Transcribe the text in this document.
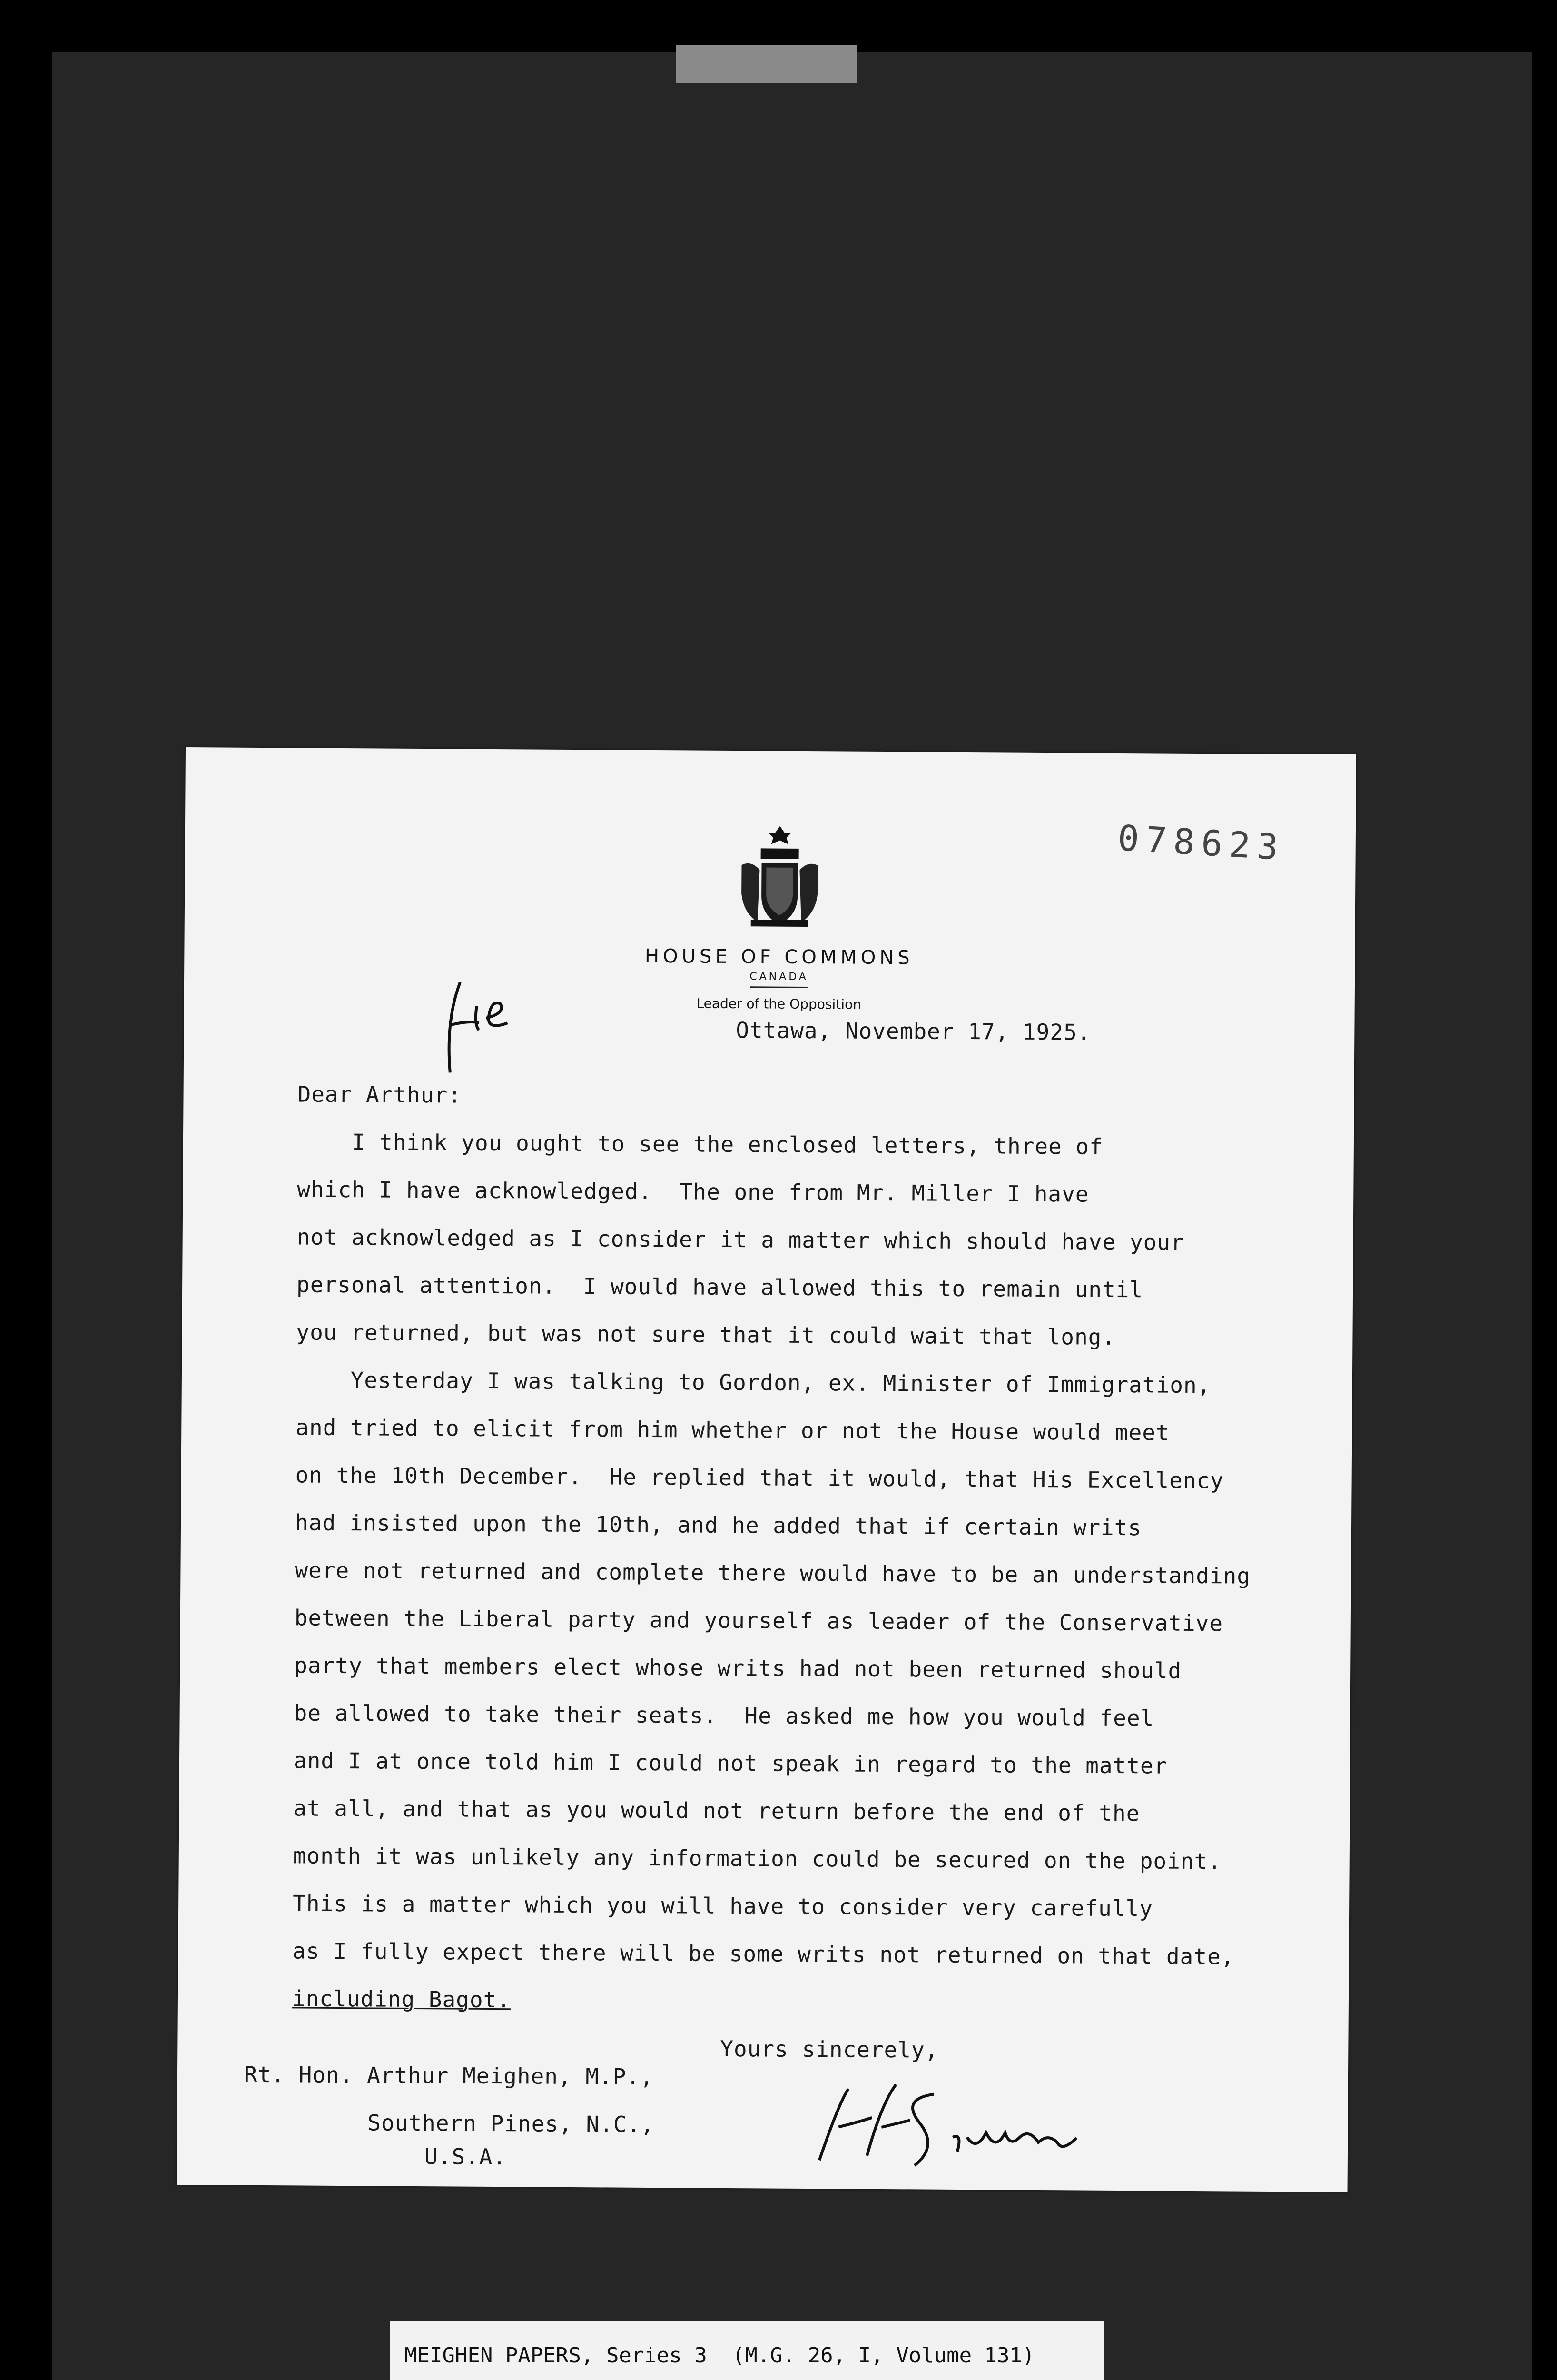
HOUSE OF COMMONS
CANADA
Leader of the Opposition
078623
Ottawa, November 17, 1925.
Dear Arthur:
I think you ought to see the enclosed letters, three of
which I have acknowledged.  The one from Mr. Miller I have
not acknowledged as I consider it a matter which should have your
personal attention.  I would have allowed this to remain until
you returned, but was not sure that it could wait that long.
Yesterday I was talking to Gordon, ex. Minister of Immigration,
and tried to elicit from him whether or not the House would meet
on the 10th December.  He replied that it would, that His Excellency
had insisted upon the 10th, and he added that if certain writs
were not returned and complete there would have to be an understanding
between the Liberal party and yourself as leader of the Conservative
party that members elect whose writs had not been returned should
be allowed to take their seats.  He asked me how you would feel
and I at once told him I could not speak in regard to the matter
at all, and that as you would not return before the end of the
month it was unlikely any information could be secured on the point.
This is a matter which you will have to consider very carefully
as I fully expect there will be some writs not returned on that date,
including Bagot.
Yours sincerely,
Rt. Hon. Arthur Meighen, M.P.,
Southern Pines, N.C.,
U.S.A.
MEIGHEN PAPERS, Series 3  (M.G. 26, I, Volume 131)
